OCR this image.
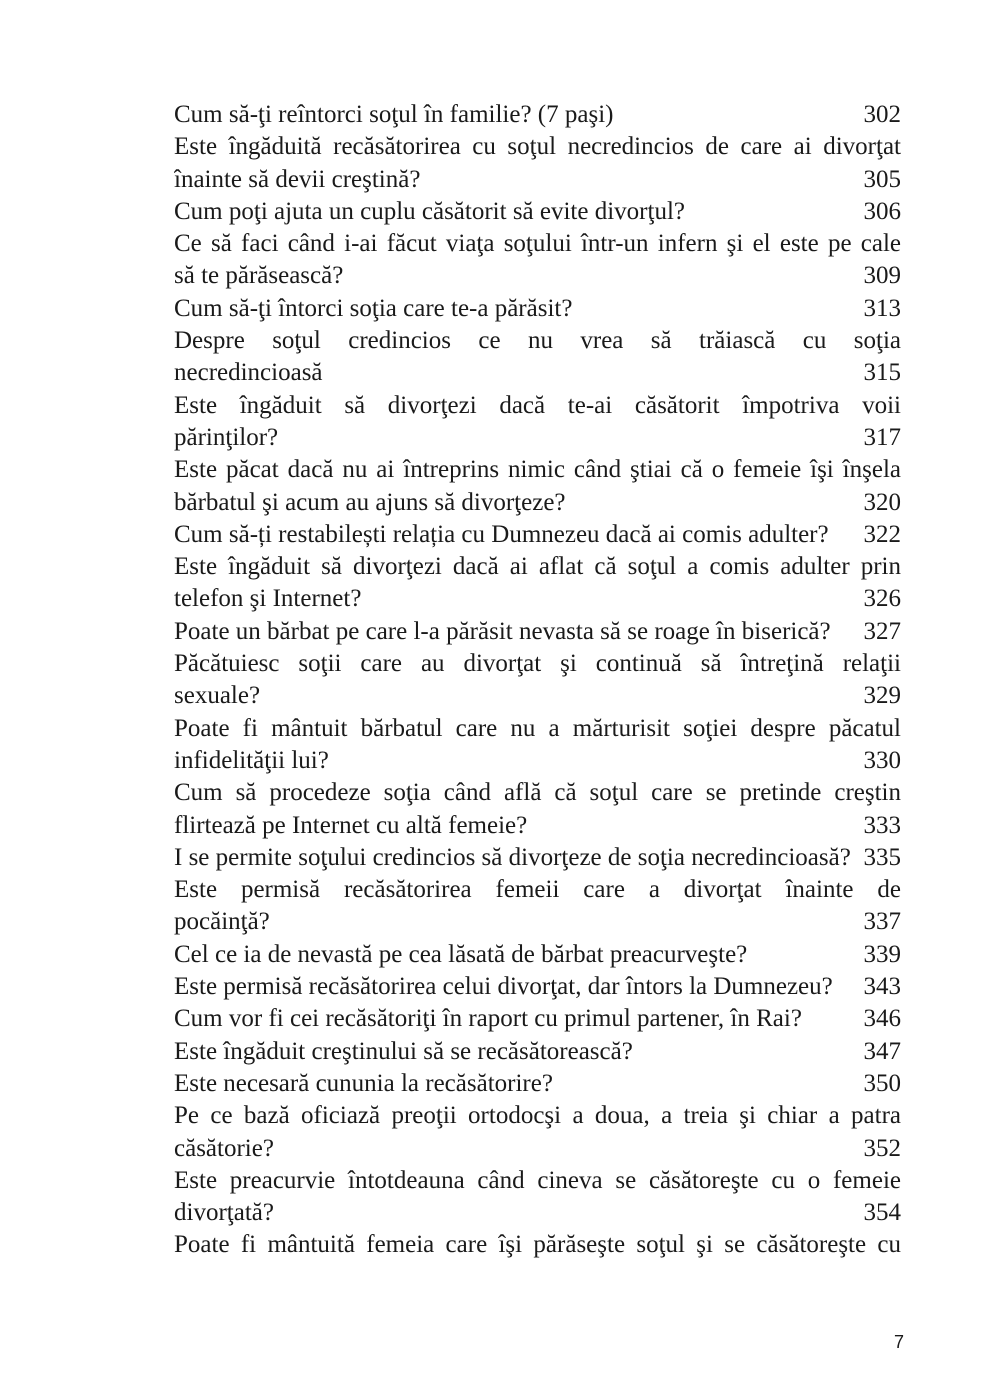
Cum să-ţi reîntorci soţul în familie? (7 paşi)	302
Este îngăduită recăsătorirea cu soţul necredincios de care ai divorţat
înainte să devii creştină?	305
Cum poţi ajuta un cuplu căsătorit să evite divorţul?	306
Ce să faci când i-ai făcut viaţa soţului într-un infern şi el este pe cale
să te părăsească?	309
Cum să-ţi întorci soţia care te-a părăsit?	313
Despre soţul credincios ce nu vrea să trăiască cu soţia
necredincioasă	315
Este îngăduit să divorţezi dacă te-ai căsătorit împotriva voii
părinţilor?	317
Este păcat dacă nu ai întreprins nimic când ştiai că o femeie îşi înşela
bărbatul şi acum au ajuns să divorţeze?	320
Cum să-ți restabilești relația cu Dumnezeu dacă ai comis adulter? 322
Este îngăduit să divorţezi dacă ai aflat că soţul a comis adulter prin
telefon şi Internet?	326
Poate un bărbat pe care l-a părăsit nevasta să se roage în biserică? 327
Păcătuiesc soţii care au divorţat şi continuă să întreţină relaţii
sexuale?	329
Poate fi mântuit bărbatul care nu a mărturisit soţiei despre păcatul
infidelităţii lui?	330
Cum să procedeze soţia când află că soţul care se pretinde creştin
flirtează pe Internet cu altă femeie?	333
I se permite soţului credincios să divorţeze de soţia necredincioasă? 335
Este permisă recăsătorirea femeii care a divorţat înainte de
pocăinţă?	337
Cel ce ia de nevastă pe cea lăsată de bărbat preacurveşte?	339
Este permisă recăsătorirea celui divorţat, dar întors la Dumnezeu? 343
Cum vor fi cei recăsătoriţi în raport cu primul partener, în Rai? 346
Este îngăduit creştinului să se recăsătorească?	347
Este necesară cununia la recăsătorire?	350
Pe ce bază oficiază preoţii ortodocşi a doua, a treia şi chiar a patra
căsătorie?	352
Este preacurvie întotdeauna când cineva se căsătoreşte cu o femeie
divorţată?	354
Poate fi mântuită femeia care îşi părăseşte soţul şi se căsătoreşte cu
7
